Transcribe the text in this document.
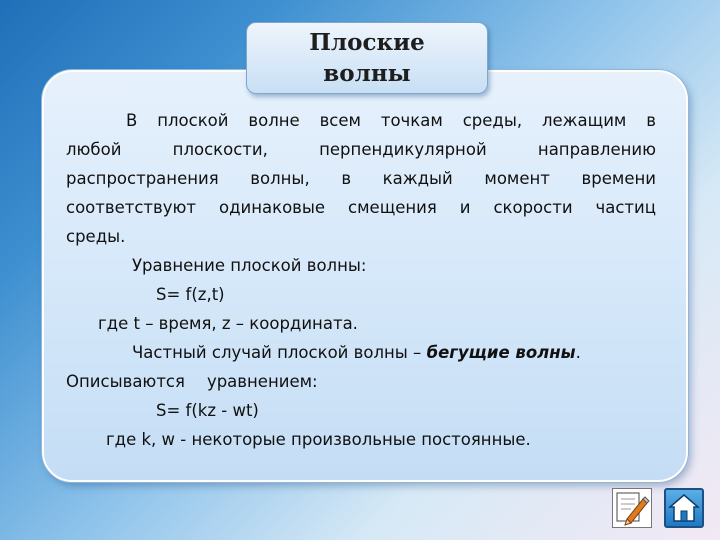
Плоские
волны
В плоской волне всем точкам среды, лежащим в
любой плоскости, перпендикулярной направлению
распространения волны, в каждый момент времени
соответствуют одинаковые смещения и скорости частиц
среды.
Уравнение плоской волны:
S= f(z,t)
где t – время, z – координата.
Частный случай плоской волны – бегущие волны.
Описываются уравнением:
S= f(kz - wt)
где k, w - некоторые произвольные постоянные.
